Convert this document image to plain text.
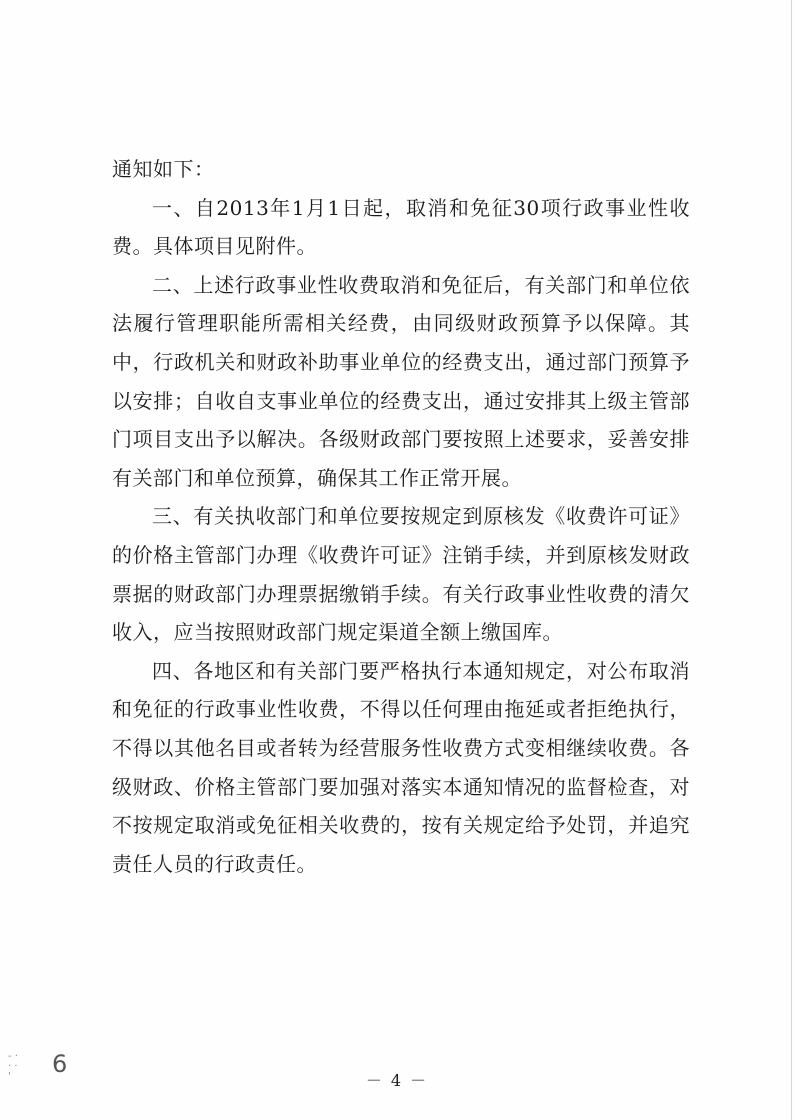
通知如下：

一、自2013年1月1日起，取消和免征30项行政事业性收费。具体项目见附件。

二、上述行政事业性收费取消和免征后，有关部门和单位依法履行管理职能所需相关经费，由同级财政预算予以保障。其中，行政机关和财政补助事业单位的经费支出，通过部门预算予以安排；自收自支事业单位的经费支出，通过安排其上级主管部门项目支出予以解决。各级财政部门要按照上述要求，妥善安排有关部门和单位预算，确保其工作正常开展。

三、有关执收部门和单位要按规定到原核发《收费许可证》的价格主管部门办理《收费许可证》注销手续，并到原核发财政票据的财政部门办理票据缴销手续。有关行政事业性收费的清欠收入，应当按照财政部门规定渠道全额上缴国库。

四、各地区和有关部门要严格执行本通知规定，对公布取消和免征的行政事业性收费，不得以任何理由拖延或者拒绝执行，不得以其他名目或者转为经营服务性收费方式变相继续收费。各级财政、价格主管部门要加强对落实本通知情况的监督检查，对不按规定取消或免征相关收费的，按有关规定给予处罚，并追究责任人员的行政责任。

- ·
· ·
'	6
－ 4 －
